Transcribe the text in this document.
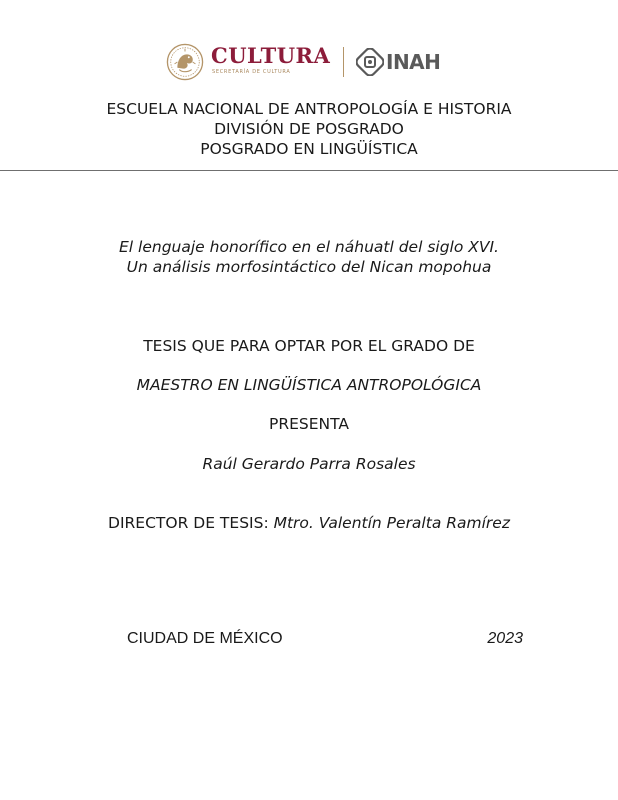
CULTURA
SECRETARÍA DE CULTURA	INAH
ESCUELA NACIONAL DE ANTROPOLOGÍA E HISTORIA
DIVISIÓN DE POSGRADO
POSGRADO EN LINGÜÍSTICA
El lenguaje honorífico en el náhuatl del siglo XVI.
Un análisis morfosintáctico del Nican mopohua
TESIS QUE PARA OPTAR POR EL GRADO DE
MAESTRO EN LINGÜÍSTICA ANTROPOLÓGICA
PRESENTA
Raúl Gerardo Parra Rosales
DIRECTOR DE TESIS: Mtro. Valentín Peralta Ramírez
CIUDAD DE MÉXICO	2023
